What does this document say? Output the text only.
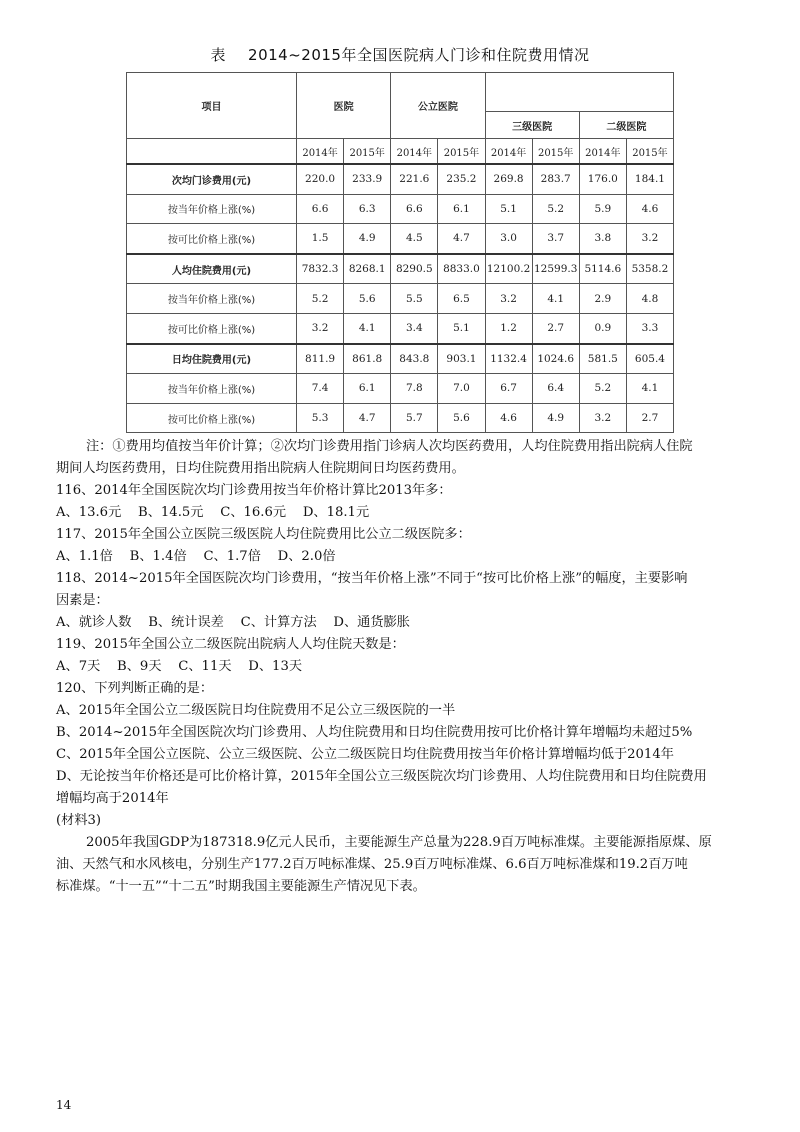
表 2014~2015年全国医院病人门诊和住院费用情况
项目	医院		公立医院					
					三级医院		二级医院	
	2014年	2015年	2014年	2015年	2014年	2015年	2014年	2015年
次均门诊费用(元)	220.0	233.9	221.6	235.2	269.8	283.7	176.0	184.1
按当年价格上涨(%)	6.6	6.3	6.6	6.1	5.1	5.2	5.9	4.6
按可比价格上涨(%)	1.5	4.9	4.5	4.7	3.0	3.7	3.8	3.2
人均住院费用(元)	7832.3	8268.1	8290.5	8833.0	12100.2	12599.3	5114.6	5358.2
按当年价格上涨(%)	5.2	5.6	5.5	6.5	3.2	4.1	2.9	4.8
按可比价格上涨(%)	3.2	4.1	3.4	5.1	1.2	2.7	0.9	3.3
日均住院费用(元)	811.9	861.8	843.8	903.1	1132.4	1024.6	581.5	605.4
按当年价格上涨(%)	7.4	6.1	7.8	7.0	6.7	6.4	5.2	4.1
按可比价格上涨(%)	5.3	4.7	5.7	5.6	4.6	4.9	3.2	2.7
注：①费用均值按当年价计算；②次均门诊费用指门诊病人次均医药费用，人均住院费用指出院病人住院
期间人均医药费用，日均住院费用指出院病人住院期间日均医药费用。
116、2014年全国医院次均门诊费用按当年价格计算比2013年多：
A、13.6元    B、14.5元    C、16.6元    D、18.1元
117、2015年全国公立医院三级医院人均住院费用比公立二级医院多：
A、1.1倍    B、1.4倍    C、1.7倍    D、2.0倍
118、2014~2015年全国医院次均门诊费用，“按当年价格上涨”不同于“按可比价格上涨”的幅度，主要影响
因素是：
A、就诊人数    B、统计误差    C、计算方法    D、通货膨胀
119、2015年全国公立二级医院出院病人人均住院天数是：
A、7天    B、9天    C、11天    D、13天
120、下列判断正确的是：
A、2015年全国公立二级医院日均住院费用不足公立三级医院的一半
B、2014~2015年全国医院次均门诊费用、人均住院费用和日均住院费用按可比价格计算年增幅均未超过5%
C、2015年全国公立医院、公立三级医院、公立二级医院日均住院费用按当年价格计算增幅均低于2014年
D、无论按当年价格还是可比价格计算，2015年全国公立三级医院次均门诊费用、人均住院费用和日均住院费用
增幅均高于2014年
(材料3)
2005年我国GDP为187318.9亿元人民币，主要能源生产总量为228.9百万吨标准煤。主要能源指原煤、原
油、天然气和水风核电，分别生产177.2百万吨标准煤、25.9百万吨标准煤、6.6百万吨标准煤和19.2百万吨
标准煤。“十一五”“十二五”时期我国主要能源生产情况见下表。
14
